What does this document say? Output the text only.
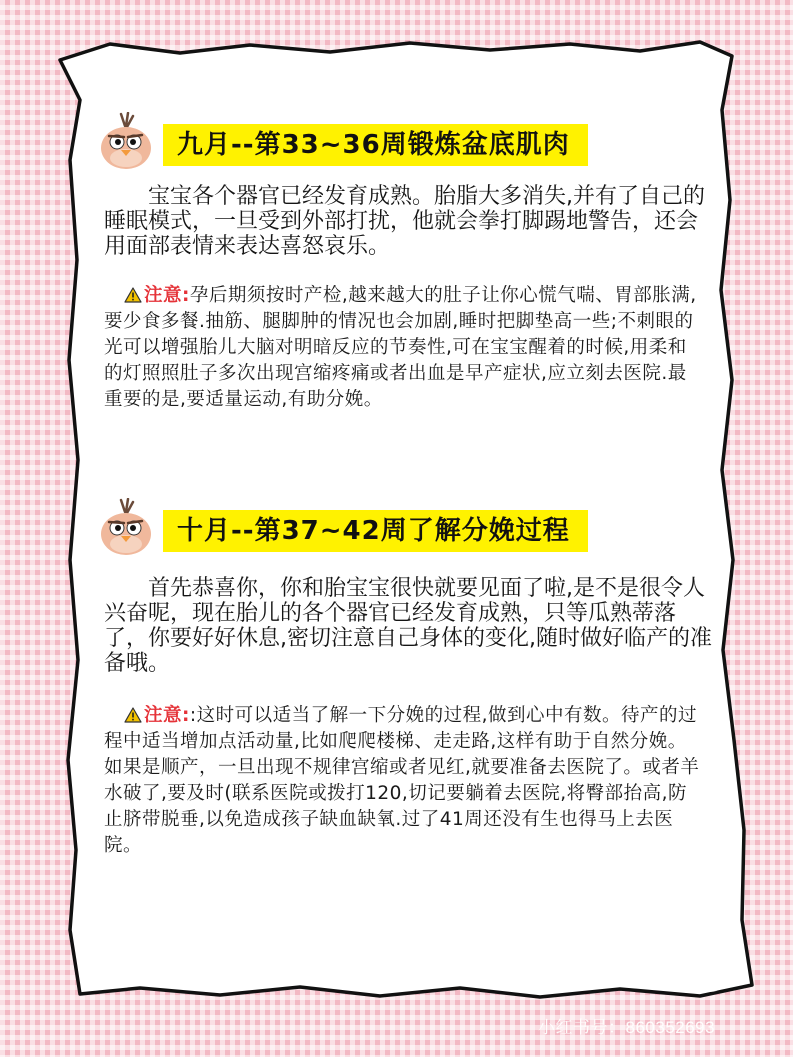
九月--第33~36周锻炼盆底肌肉

宝宝各个器官已经发育成熟。胎脂大多消失,并有了自己的睡眠模式，一旦受到外部打扰，他就会拳打脚踢地警告，还会用面部表情来表达喜怒哀乐。

注意:孕后期须按时产检,越来越大的肚子让你心慌气喘、胃部胀满,要少食多餐.抽筋、腿脚肿的情况也会加剧,睡时把脚垫高一些;不刺眼的光可以增强胎儿大脑对明暗反应的节奏性,可在宝宝醒着的时候,用柔和的灯照照肚子多次出现宫缩疼痛或者出血是早产症状,应立刻去医院.最重要的是,要适量运动,有助分娩。

十月--第37~42周了解分娩过程

首先恭喜你，你和胎宝宝很快就要见面了啦,是不是很令人兴奋呢，现在胎儿的各个器官已经发育成熟，只等瓜熟蒂落了，你要好好休息,密切注意自己身体的变化,随时做好临产的准备哦。

注意::这时可以适当了解一下分娩的过程,做到心中有数。待产的过程中适当增加点活动量,比如爬爬楼梯、走走路,这样有助于自然分娩。如果是顺产，一旦出现不规律宫缩或者见红,就要准备去医院了。或者羊水破了,要及时(联系医院或拨打120,切记要躺着去医院,将臀部抬高,防止脐带脱垂,以免造成孩子缺血缺氧.过了41周还没有生也得马上去医院。

小红书
小红书号：860352693
